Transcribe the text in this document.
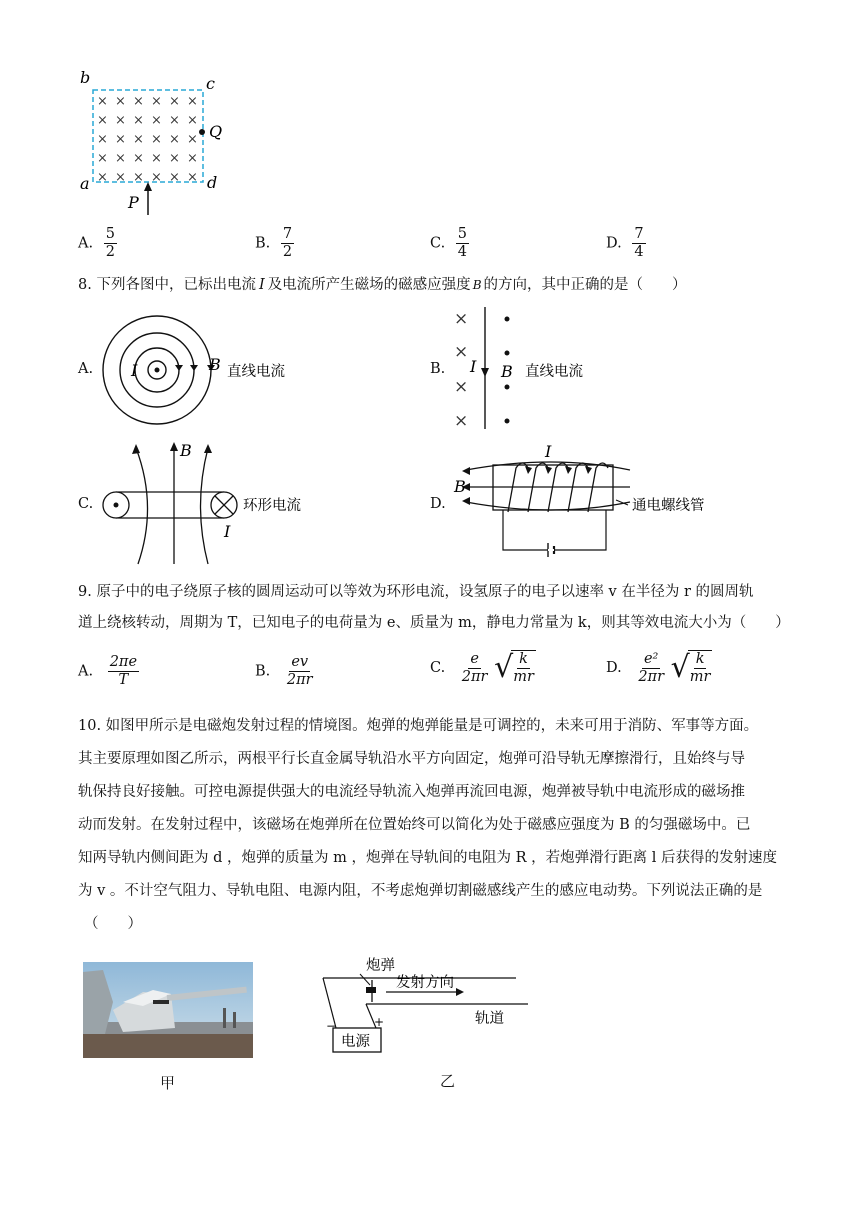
× × × × × ×
× × × × × ×
× × × × × ×
× × × × × ×
× × × × × ×
b	c
a	d
Q
P
A. $\frac{5}{2}$	B. $\frac{7}{2}$	C. $\frac{5}{4}$	D. $\frac{7}{4}$
8. 下列各图中，已标出电流 I 及电流所产生磁场的磁感应强度 B 的方向，其中正确的是（　　）
A. I	B 直线电流	B.
×
×
×
×
I B 直线电流
C.
B
I
环形电流	D.
I
B
通电螺线管
9. 原子中的电子绕原子核的圆周运动可以等效为环形电流，设氢原子的电子以速率 v 在半径为 r 的圆周轨
道上绕核转动，周期为 T，已知电子的电荷量为 e、质量为 m，静电力常量为 k，则其等效电流大小为（　　）
A. $\frac{2\pi e}{T}$	B. $\frac{ev}{2\pi r}$	C. $\frac{e}{2\pi r}$
√
$\frac{k}{mr}$	D. $\frac{\text{e²}}{2\pi r}$
√
$\frac{k}{mr}$
10. 如图甲所示是电磁炮发射过程的情境图。炮弹的炮弹能量是可调控的，未来可用于消防、军事等方面。
其主要原理如图乙所示，两根平行长直金属导轨沿水平方向固定，炮弹可沿导轨无摩擦滑行，且始终与导
轨保持良好接触。可控电源提供强大的电流经导轨流入炮弹再流回电源，炮弹被导轨中电流形成的磁场推
动而发射。在发射过程中，该磁场在炮弹所在位置始终可以简化为处于磁感应强度为 B 的匀强磁场中。已
知两导轨内侧间距为 d ，炮弹的质量为 m ，炮弹在导轨间的电阻为 R ，若炮弹滑行距离 l 后获得的发射速度
为 v 。不计空气阻力、导轨电阻、电源内阻，不考虑炮弹切割磁感线产生的感应电动势。下列说法正确的是
（　　）
甲
炮弹
发射方向
轨道
电源
−	+
乙
